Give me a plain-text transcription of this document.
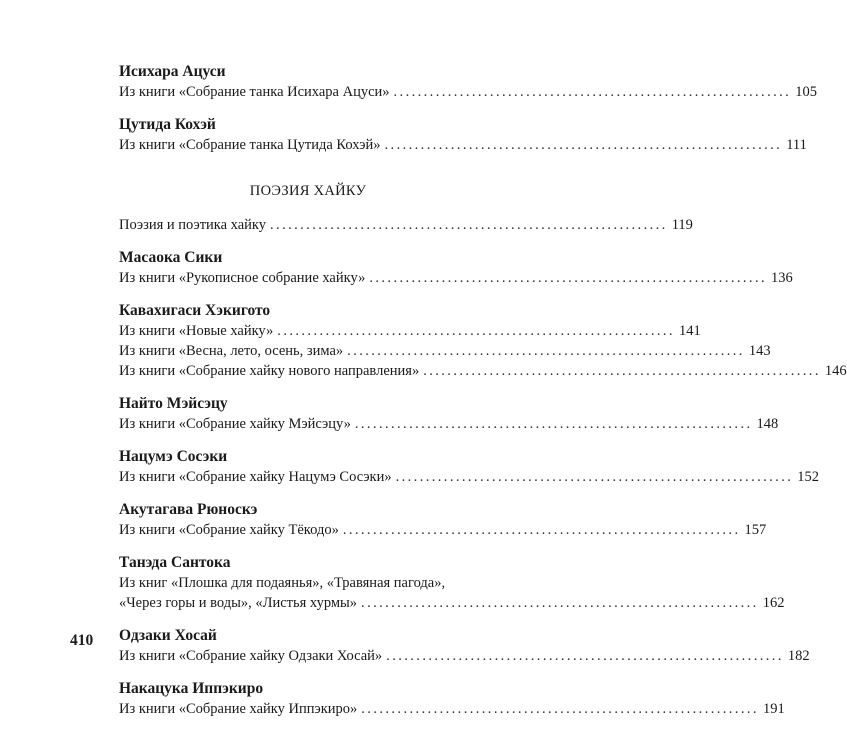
Исихара Ацуси
Из книги «Собрание танка Исихара Ацуси» .................................................................. 105
Цутида Кохэй
Из книги «Собрание танка Цутида Кохэй» .................................................................. 111
ПОЭЗИЯ ХАЙКУ
Поэзия и поэтика хайку .................................................................. 119
Масаока Сики
Из книги «Рукописное собрание хайку» .................................................................. 136
Кавахигаси Хэкигото
Из книги «Новые хайку» .................................................................. 141
Из книги «Весна, лето, осень, зима» .................................................................. 143
Из книги «Собрание хайку нового направления» .................................................................. 146
Найто Мэйсэцу
Из книги «Собрание хайку Мэйсэцу» .................................................................. 148
Нацумэ Сосэки
Из книги «Собрание хайку Нацумэ Сосэки» .................................................................. 152
Акутагава Рюноскэ
Из книги «Собрание хайку Тёкодо» .................................................................. 157
Танэда Сантока
Из книг «Плошка для подаянья», «Травяная пагода»,
«Через горы и воды», «Листья хурмы» .................................................................. 162
Одзаки Хосай
Из книги «Собрание хайку Одзаки Хосай» .................................................................. 182
Накацука Иппэкиро
Из книги «Собрание хайку Иппэкиро» .................................................................. 191
410
